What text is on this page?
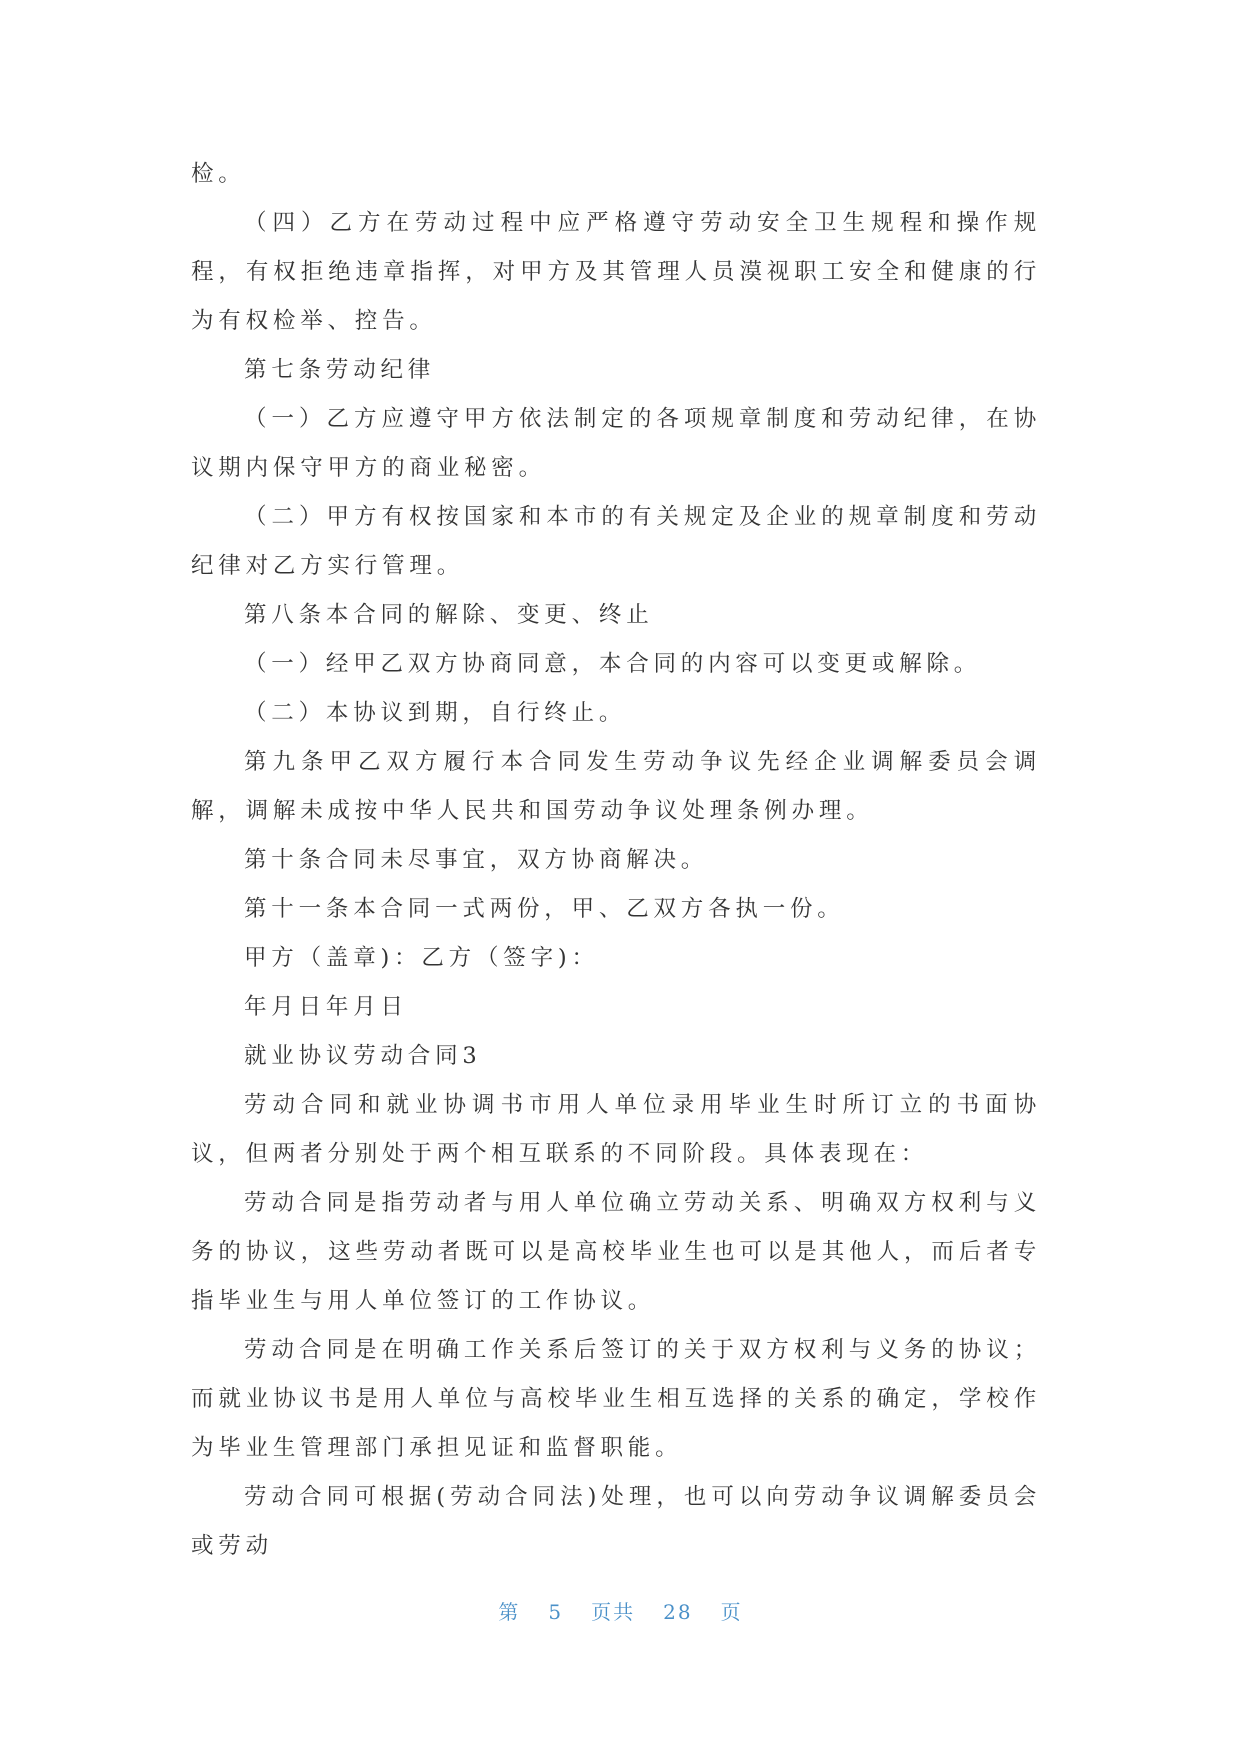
检。

（四）乙方在劳动过程中应严格遵守劳动安全卫生规程和操作规程，有权拒绝违章指挥，对甲方及其管理人员漠视职工安全和健康的行为有权检举、控告。

第七条劳动纪律

（一）乙方应遵守甲方依法制定的各项规章制度和劳动纪律，在协议期内保守甲方的商业秘密。

（二）甲方有权按国家和本市的有关规定及企业的规章制度和劳动纪律对乙方实行管理。

第八条本合同的解除、变更、终止

（一）经甲乙双方协商同意，本合同的内容可以变更或解除。

（二）本协议到期，自行终止。

第九条甲乙双方履行本合同发生劳动争议先经企业调解委员会调解，调解未成按中华人民共和国劳动争议处理条例办理。

第十条合同未尽事宜，双方协商解决。

第十一条本合同一式两份，甲、乙双方各执一份。

甲方（盖章)：乙方（签字)：

年月日年月日

就业协议劳动合同3

劳动合同和就业协调书市用人单位录用毕业生时所订立的书面协议，但两者分别处于两个相互联系的不同阶段。具体表现在：

劳动合同是指劳动者与用人单位确立劳动关系、明确双方权利与义务的协议，这些劳动者既可以是高校毕业生也可以是其他人，而后者专指毕业生与用人单位签订的工作协议。

劳动合同是在明确工作关系后签订的关于双方权利与义务的协议；而就业协议书是用人单位与高校毕业生相互选择的关系的确定，学校作为毕业生管理部门承担见证和监督职能。

劳动合同可根据(劳动合同法)处理，也可以向劳动争议调解委员会或劳动

第 5 页共 28 页
